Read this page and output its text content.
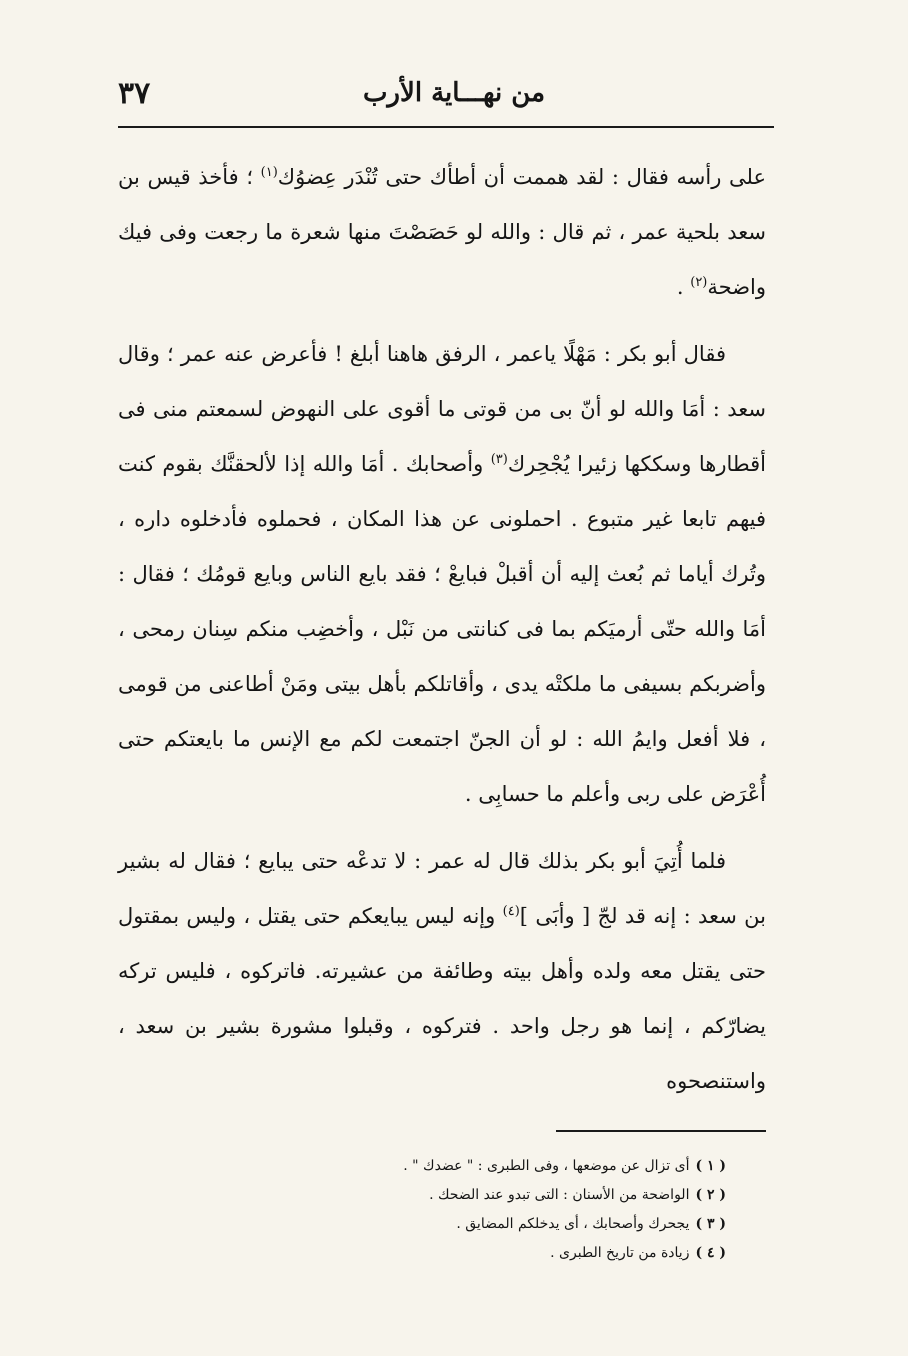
٣٧	من نهـــاية الأرب

على رأسه فقال : لقد هممت أن أطأك حتى تُنْدَر عِضوُك$^{(١)}$ ؛ فأخذ قيس بن سعد بلحية عمر ، ثم قال : والله لو حَصَصْتَ منها شعرة ما رجعت وفى فيك واضحة$^{(٢)}$ .

فقال أبو بكر : مَهْلًا ياعمر ، الرفق هاهنا أبلغ ! فأعرض عنه عمر ؛ وقال سعد : أمَا والله لو أنّ بى من قوتى ما أقوى على النهوض لسمعتم منى فى أقطارها وسككها زئيرا يُجْحِرك$^{(٣)}$ وأصحابك . أمَا والله إذا لألحقنَّك بقوم كنت فيهم تابعا غير متبوع . احملونى عن هذا المكان ، فحملوه فأدخلوه داره ، وتُرك أياما ثم بُعث إليه أن أقبلْ فبايعْ ؛ فقد بايع الناس وبايع قومُك ؛ فقال : أمَا والله حتّى أرميَكم بما فى كنانتى من نَبْل ، وأخضِب منكم سِنان رمحى ، وأضربكم بسيفى ما ملكتْه يدى ، وأقاتلكم بأهل بيتى ومَنْ أطاعنى من قومى ، فلا أفعل وايمُ الله : لو أن الجنّ اجتمعت لكم مع الإنس ما بايعتكم حتى أُعْرَض على ربى وأعلم ما حسابِى .

فلما أُتِيَ أبو بكر بذلك قال له عمر : لا تدعْه حتى يبايع ؛ فقال له بشير بن سعد : إنه قد لجّ [ وأبَى ]$^{(٤)}$ وإنه ليس يبايعكم حتى يقتل ، وليس بمقتول حتى يقتل معه ولده وأهل بيته وطائفة من عشيرته. فاتركوه ، فليس تركه يضارّكم ، إنما هو رجل واحد . فتركوه ، وقبلوا مشورة بشير بن سعد ، واستنصحوه

( ١ )أى تزال عن موضعها ، وفى الطبرى : " عضدك " .
( ٢ )الواضحة من الأسنان : التى تبدو عند الضحك .
( ٣ )يجحرك وأصحابك ، أى يدخلكم المضايق .
( ٤ )زيادة من تاريخ الطبرى .
